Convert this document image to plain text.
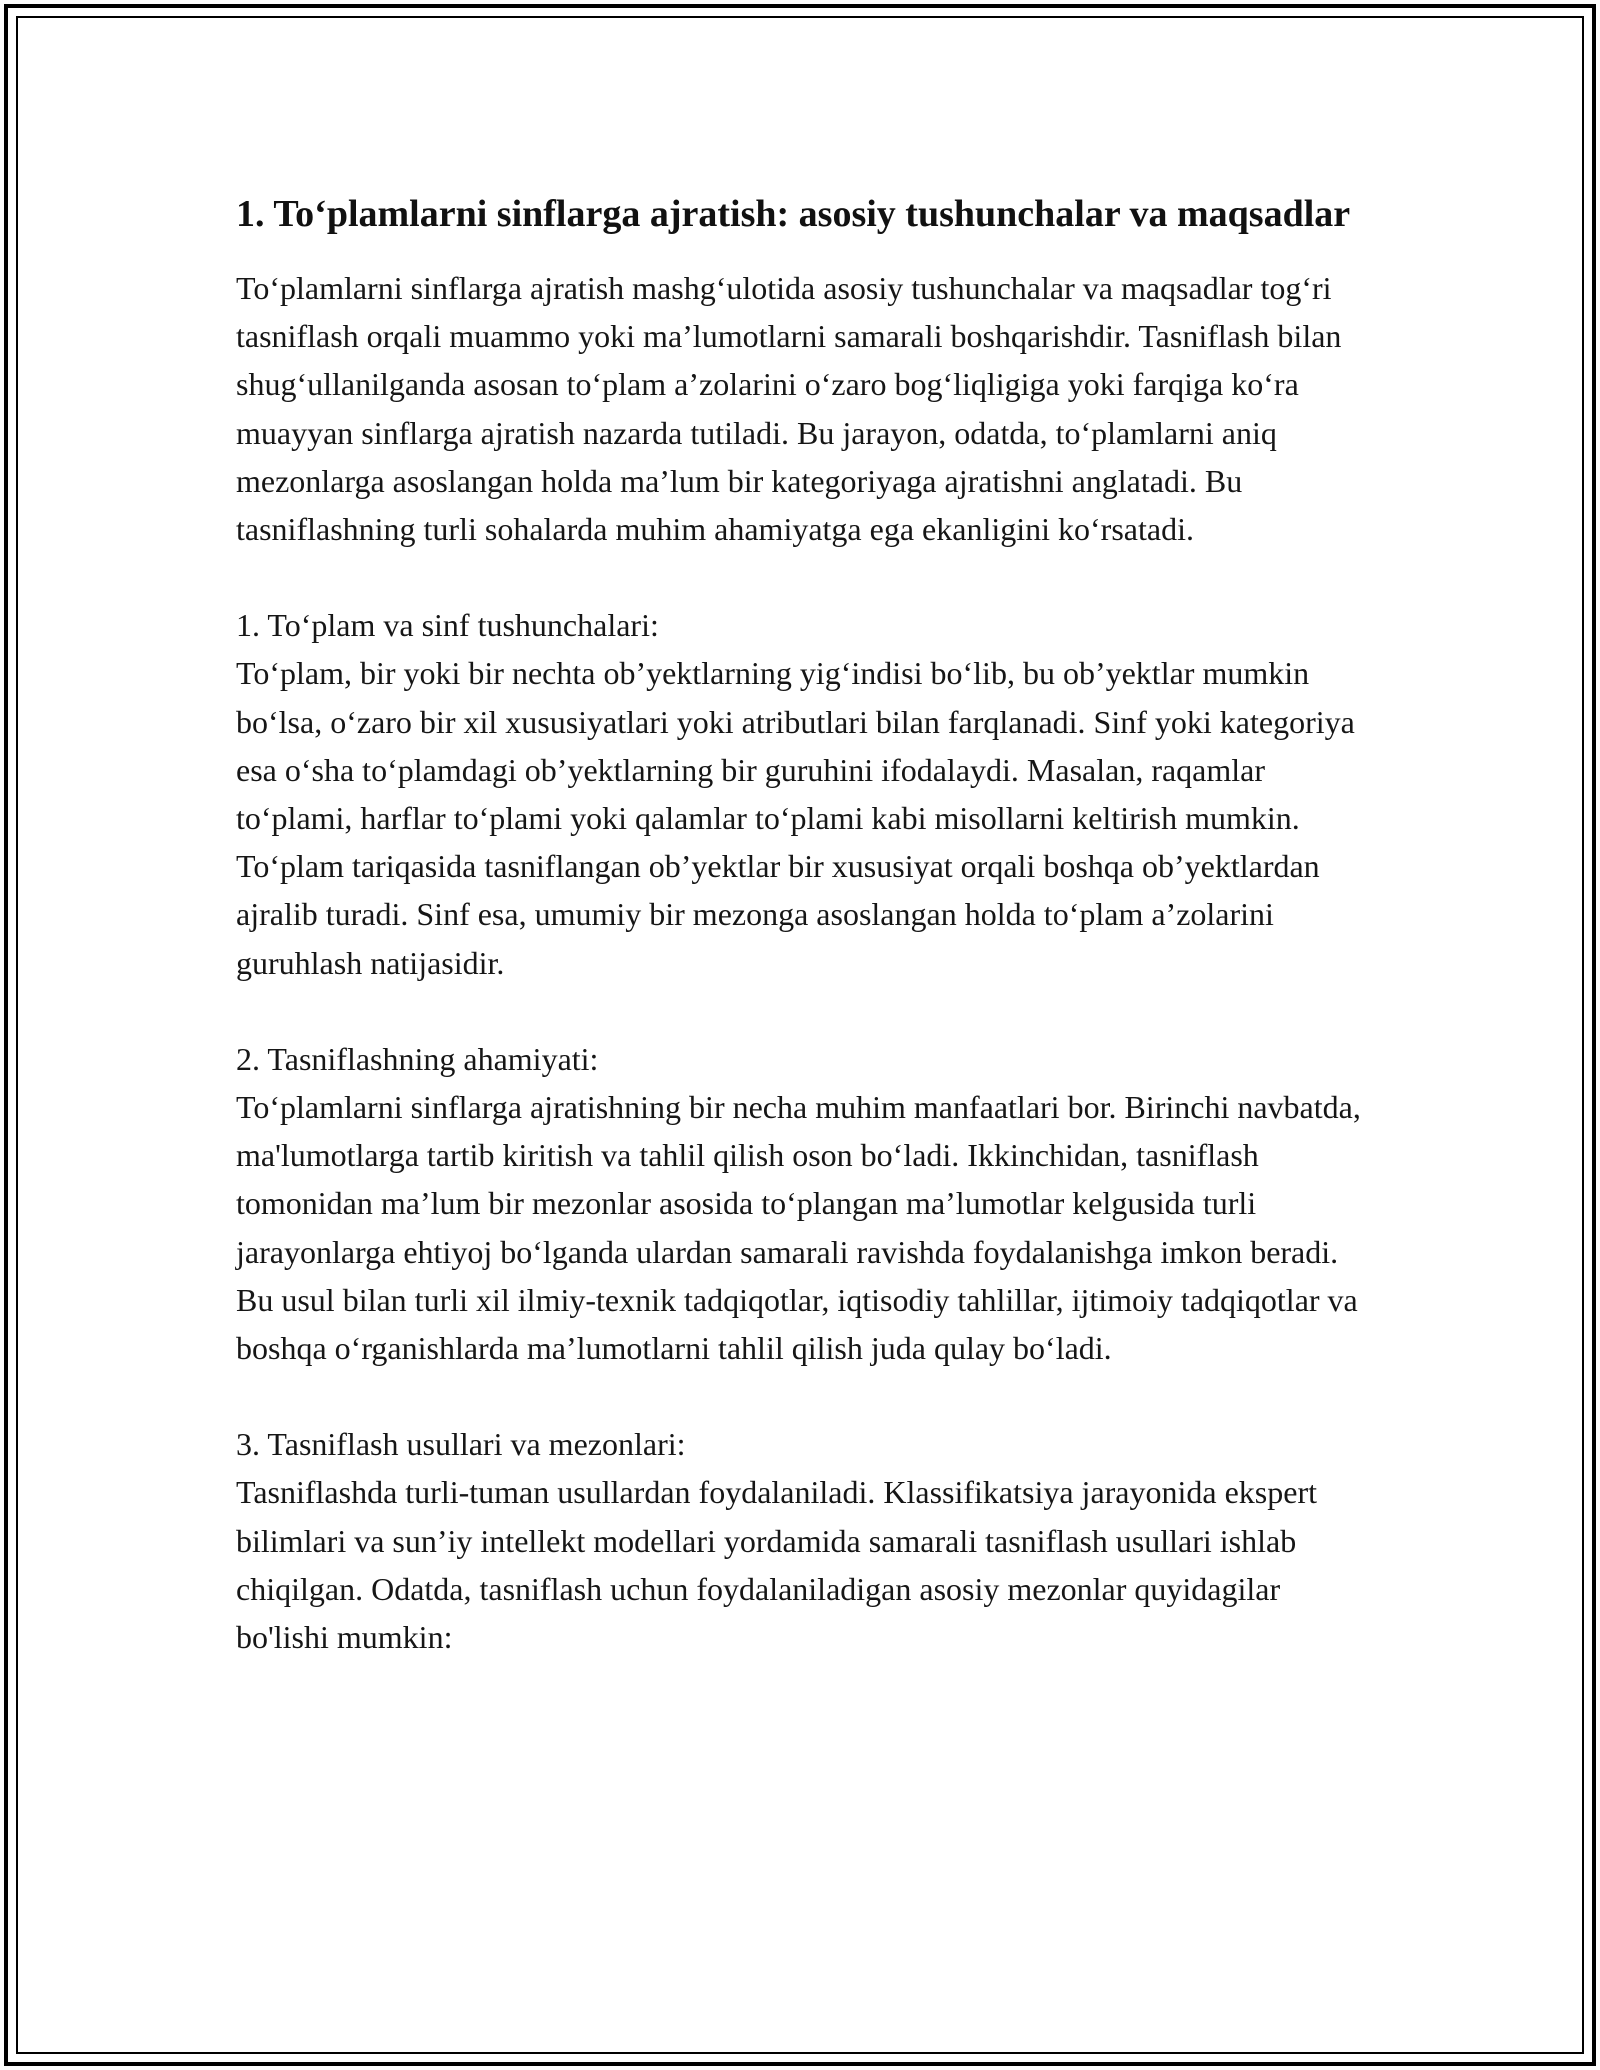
1. To‘plamlarni sinflarga ajratish: asosiy tushunchalar va maqsadlar

To‘plamlarni sinflarga ajratish mashg‘ulotida asosiy tushunchalar va maqsadlar tog‘ri tasniflash orqali muammo yoki ma’lumotlarni samarali boshqarishdir. Tasniflash bilan shug‘ullanilganda asosan to‘plam a’zolarini o‘zaro bog‘liqligiga yoki farqiga ko‘ra muayyan sinflarga ajratish nazarda tutiladi. Bu jarayon, odatda, to‘plamlarni aniq mezonlarga asoslangan holda ma’lum bir kategoriyaga ajratishni anglatadi. Bu tasniflashning turli sohalarda muhim ahamiyatga ega ekanligini ko‘rsatadi.

1. To‘plam va sinf tushunchalari:

To‘plam, bir yoki bir nechta ob’yektlarning yig‘indisi bo‘lib, bu ob’yektlar mumkin bo‘lsa, o‘zaro bir xil xususiyatlari yoki atributlari bilan farqlanadi. Sinf yoki kategoriya esa o‘sha to‘plamdagi ob’yektlarning bir guruhini ifodalaydi. Masalan, raqamlar to‘plami, harflar to‘plami yoki qalamlar to‘plami kabi misollarni keltirish mumkin. To‘plam tariqasida tasniflangan ob’yektlar bir xususiyat orqali boshqa ob’yektlardan ajralib turadi. Sinf esa, umumiy bir mezonga asoslangan holda to‘plam a’zolarini guruhlash natijasidir.

2. Tasniflashning ahamiyati:

To‘plamlarni sinflarga ajratishning bir necha muhim manfaatlari bor. Birinchi navbatda, ma'lumotlarga tartib kiritish va tahlil qilish oson bo‘ladi. Ikkinchidan, tasniflash tomonidan ma’lum bir mezonlar asosida to‘plangan ma’lumotlar kelgusida turli jarayonlarga ehtiyoj bo‘lganda ulardan samarali ravishda foydalanishga imkon beradi. Bu usul bilan turli xil ilmiy-texnik tadqiqotlar, iqtisodiy tahlillar, ijtimoiy tadqiqotlar va boshqa o‘rganishlarda ma’lumotlarni tahlil qilish juda qulay bo‘ladi.

3. Tasniflash usullari va mezonlari:

Tasniflashda turli-tuman usullardan foydalaniladi. Klassifikatsiya jarayonida ekspert bilimlari va sun’iy intellekt modellari yordamida samarali tasniflash usullari ishlab chiqilgan. Odatda, tasniflash uchun foydalaniladigan asosiy mezonlar quyidagilar bo'lishi mumkin:
